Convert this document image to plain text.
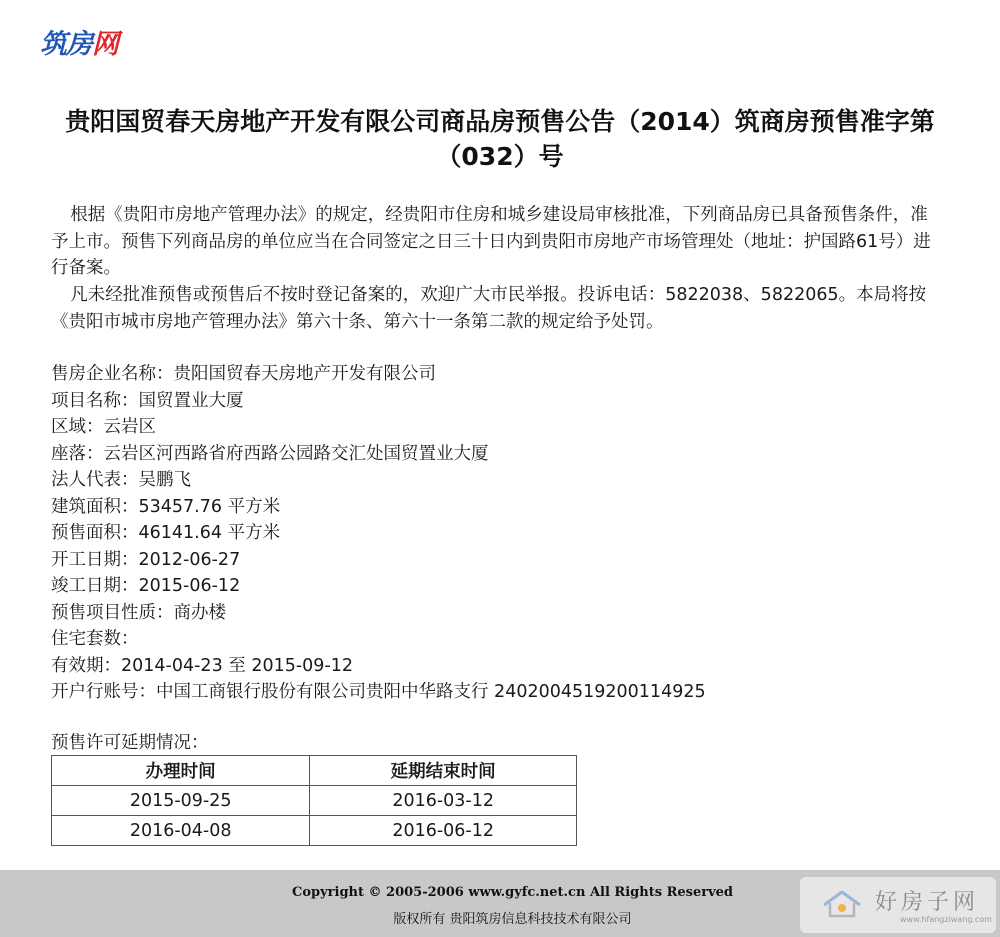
筑房网
贵阳国贸春天房地产开发有限公司商品房预售公告（2014）筑商房预售准字第（032）号

根据《贵阳市房地产管理办法》的规定，经贵阳市住房和城乡建设局审核批准，下列商品房已具备预售条件，准予上市。预售下列商品房的单位应当在合同签定之日三十日内到贵阳市房地产市场管理处（地址：护国路61号）进行备案。

凡未经批准预售或预售后不按时登记备案的，欢迎广大市民举报。投诉电话：5822038、5822065。本局将按《贵阳市城市房地产管理办法》第六十条、第六十一条第二款的规定给予处罚。

售房企业名称：贵阳国贸春天房地产开发有限公司
项目名称：国贸置业大厦
区域：云岩区
座落：云岩区河西路省府西路公园路交汇处国贸置业大厦
法人代表：吴鹏飞
建筑面积：53457.76 平方米
预售面积：46141.64 平方米
开工日期：2012-06-27
竣工日期：2015-06-12
预售项目性质：商办楼
住宅套数：
有效期：2014-04-23 至 2015-09-12
开户行账号：中国工商银行股份有限公司贵阳中华路支行 2402004519200114925
预售许可延期情况：
办理时间	延期结束时间
2015-09-25	2016-03-12
2016-04-08	2016-06-12
Copyright © 2005-2006 www.gyfc.net.cn All Rights Reserved
版权所有 贵阳筑房信息科技技术有限公司
好房子网
www.hfangziwang.com
